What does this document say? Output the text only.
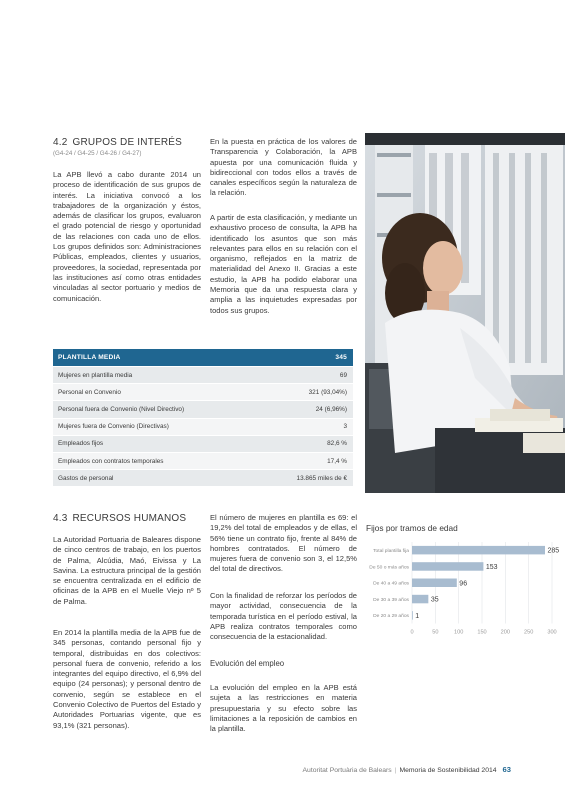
4.2 GRUPOS DE INTERÉS
(G4-24 / G4-25 / G4-26 / G4-27)

La APB llevó a cabo durante 2014 un proceso de identificación de sus grupos de interés. La iniciativa convocó a los trabajadores de la organización y éstos, además de clasificar los grupos, evaluaron el grado potencial de riesgo y oportunidad de las relaciones con cada uno de ellos. Los grupos definidos son: Administraciones Públicas, empleados, clientes y usuarios, proveedores, la sociedad, representada por las instituciones así como otras entidades vinculadas al sector portuario y medios de comunicación.

En la puesta en práctica de los valores de Transparencia y Colaboración, la APB apuesta por una comunicación fluida y bidireccional con todos ellos a través de canales específicos según la naturaleza de la relación.

A partir de esta clasificación, y mediante un exhaustivo proceso de consulta, la APB ha identificado los asuntos que son más relevantes para ellos en su relación con el organismo, reflejados en la matriz de materialidad del Anexo II. Gracias a este estudio, la APB ha podido elaborar una Memoria que da una respuesta clara y amplia a las inquietudes expresadas por todos sus grupos.

PLANTILLA MEDIA	345
Mujeres en plantilla media	69
Personal en Convenio	321 (93,04%)
Personal fuera de Convenio (Nivel Directivo)	24 (6,96%)
Mujeres fuera de Convenio (Directivas)	3
Empleados fijos	82,6 %
Empleados con contratos temporales	17,4 %
Gastos de personal	13.865 miles de €
4.3 RECURSOS HUMANOS

La Autoridad Portuaria de Baleares dispone de cinco centros de trabajo, en los puertos de Palma, Alcúdia, Maó, Eivissa y La Savina. La estructura principal de la gestión se encuentra centralizada en el edificio de oficinas de la APB en el Muelle Viejo nº 5 de Palma.

En 2014 la plantilla media de la APB fue de 345 personas, contando personal fijo y temporal, distribuidas en dos colectivos: personal fuera de convenio, referido a los integrantes del equipo directivo, el 6,9% del equipo (24 personas); y personal dentro de convenio, según se establece en el Convenio Colectivo de Puertos del Estado y Autoridades Portuarias vigente, que es 93,1% (321 personas).

El número de mujeres en plantilla es 69: el 19,2% del total de empleados y de ellas, el 56% tiene un contrato fijo, frente al 84% de hombres contratados. El número de mujeres fuera de convenio son 3, el 12,5% del total de directivos.

Con la finalidad de reforzar los períodos de mayor actividad, consecuencia de la temporada turística en el período estival, la APB realiza contratos temporales como consecuencia de la estacionalidad.

Evolución del empleo

La evolución del empleo en la APB está sujeta a las restricciones en materia presupuestaria y su efecto sobre las limitaciones a la reposición de cambios en la plantilla.

Fijos por tramos de edad
0	50	100 150 200 250 300
Total plantilla fija	285
De 50 o más años	153
De 40 a 49 años	96
De 30 a 39 años	35
De 20 a 29 años 1
Autoritat Portuària de Balears | Memoria de Sostenibilidad 2014 63
